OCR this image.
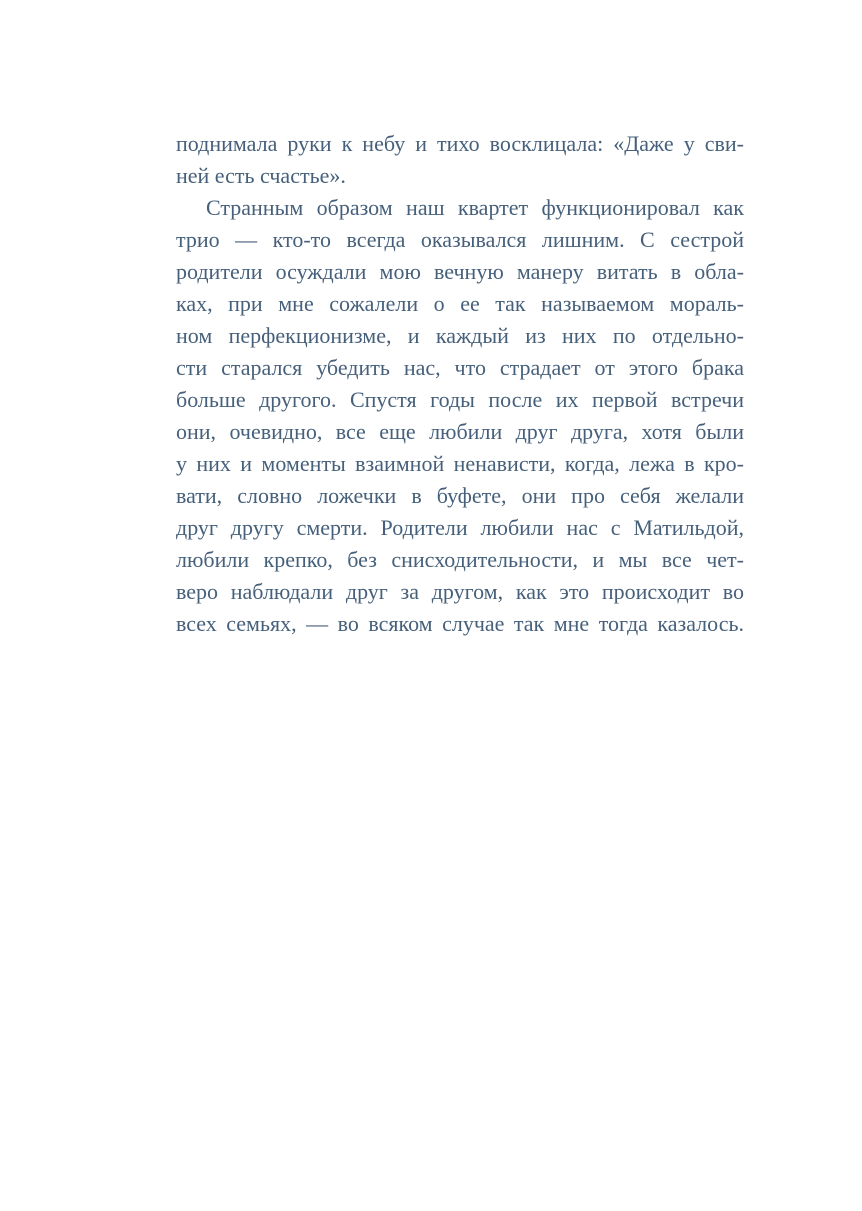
поднимала руки к небу и тихо восклицала: «Даже у сви-
ней есть счастье».
Странным образом наш квартет функционировал как
трио — кто-то всегда оказывался лишним. С сестрой
родители осуждали мою вечную манеру витать в обла-
ках, при мне сожалели о ее так называемом мораль-
ном перфекционизме, и каждый из них по отдельно-
сти старался убедить нас, что страдает от этого брака
больше другого. Спустя годы после их первой встречи
они, очевидно, все еще любили друг друга, хотя были
у них и моменты взаимной ненависти, когда, лежа в кро-
вати, словно ложечки в буфете, они про себя желали
друг другу смерти. Родители любили нас с Матильдой,
любили крепко, без снисходительности, и мы все чет-
веро наблюдали друг за другом, как это происходит во
всех семьях, — во всяком случае так мне тогда казалось.
